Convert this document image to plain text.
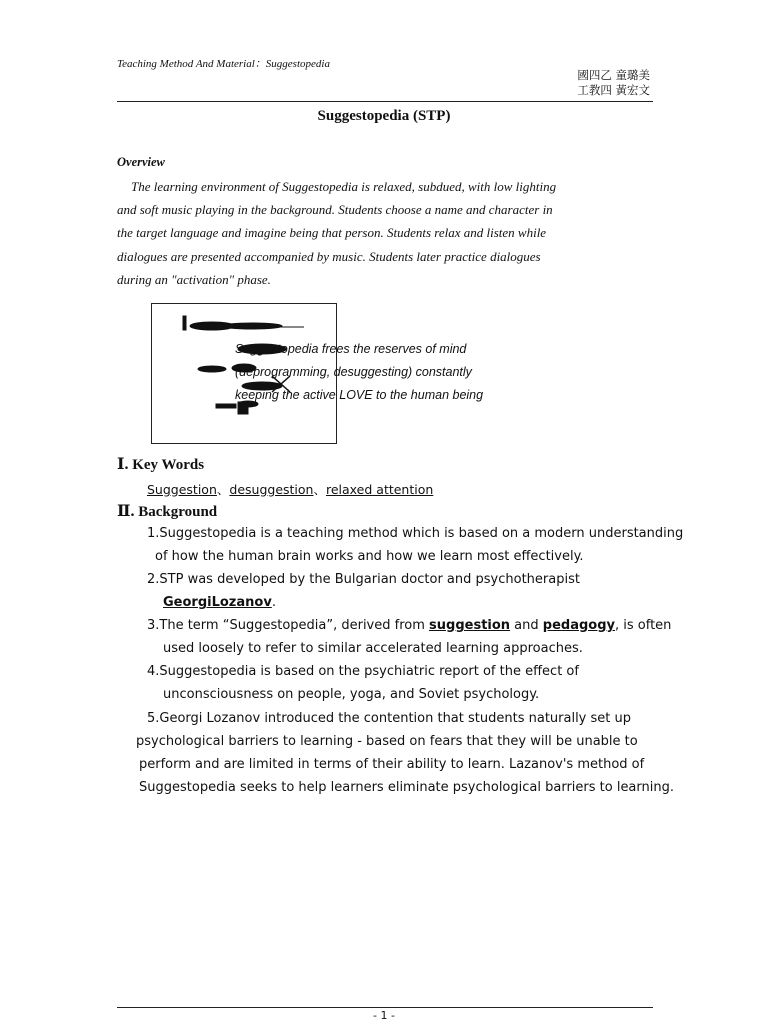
Teaching Method And Material：Suggestopedia
國四乙 童璐美
工教四 黃宏文
Suggestopedia (STP)
Overview
The learning environment of Suggestopedia is relaxed, subdued, with low lighting
and soft music playing in the background. Students choose a name and character in
the target language and imagine being that person. Students relax and listen while
dialogues are presented accompanied by music. Students later practice dialogues
during an "activation" phase.
Suggestopedia frees the reserves of mind
(deprogramming, desuggesting) constantly
keeping the active LOVE to the human being
Ⅰ. Key Words
Suggestion、desuggestion、relaxed attention
Ⅱ. Background
1.Suggestopedia is a teaching method which is based on a modern understanding
of how the human brain works and how we learn most effectively.
2.STP was developed by the Bulgarian doctor and psychotherapist
GeorgiLozanov.
3.The term “Suggestopedia”, derived from suggestion and pedagogy, is often
used loosely to refer to similar accelerated learning approaches.
4.Suggestopedia is based on the psychiatric report of the effect of
unconsciousness on people, yoga, and Soviet psychology.
5.Georgi Lozanov introduced the contention that students naturally set up
psychological barriers to learning - based on fears that they will be unable to
perform and are limited in terms of their ability to learn. Lazanov's method of
Suggestopedia seeks to help learners eliminate psychological barriers to learning.
- 1 -
